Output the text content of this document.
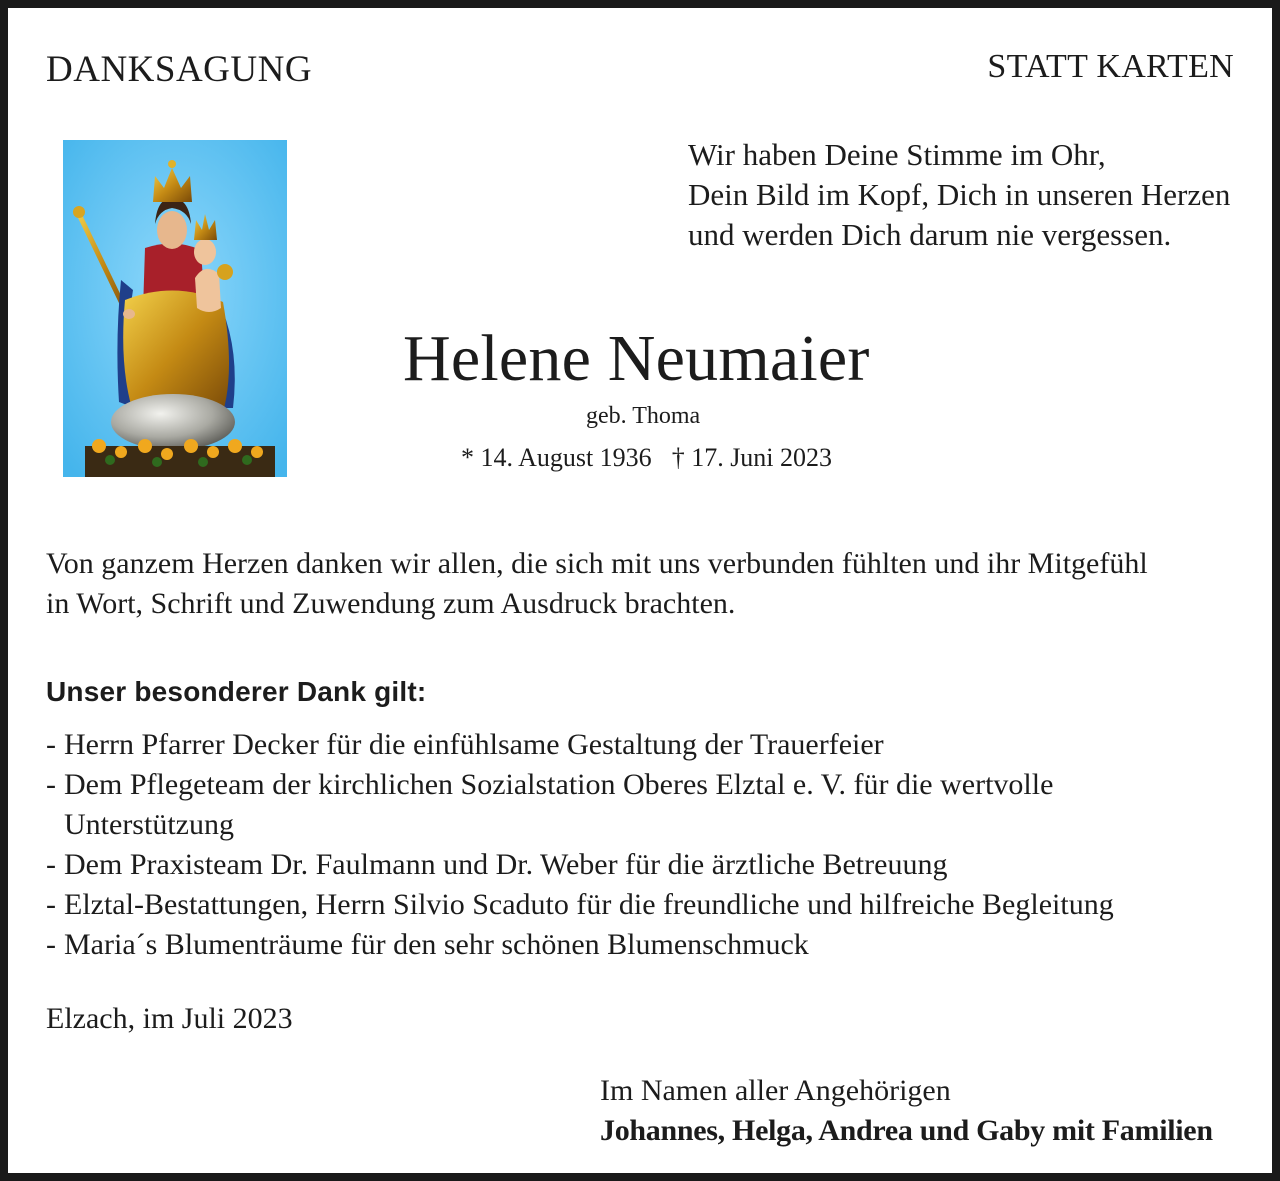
DANKSAGUNG	STATT KARTEN

Wir haben Deine Stimme im Ohr,
Dein Bild im Kopf, Dich in unseren Herzen
und werden Dich darum nie vergessen.

Helene Neumaier

geb. Thoma

* 14. August 1936 † 17. Juni 2023

Von ganzem Herzen danken wir allen, die sich mit uns verbunden fühlten und ihr Mitgefühl
in Wort, Schrift und Zuwendung zum Ausdruck brachten.

Unser besonderer Dank gilt:

- Herrn Pfarrer Decker für die einfühlsame Gestaltung der Trauerfeier
- Dem Pflegeteam der kirchlichen Sozialstation Oberes Elztal e. V. für die wertvolle
Unterstützung
- Dem Praxisteam Dr. Faulmann und Dr. Weber für die ärztliche Betreuung
- Elztal-Bestattungen, Herrn Silvio Scaduto für die freundliche und hilfreiche Begleitung
- Maria´s Blumenträume für den sehr schönen Blumenschmuck

Elzach, im Juli 2023

Im Namen aller Angehörigen

Johannes, Helga, Andrea und Gaby mit Familien
